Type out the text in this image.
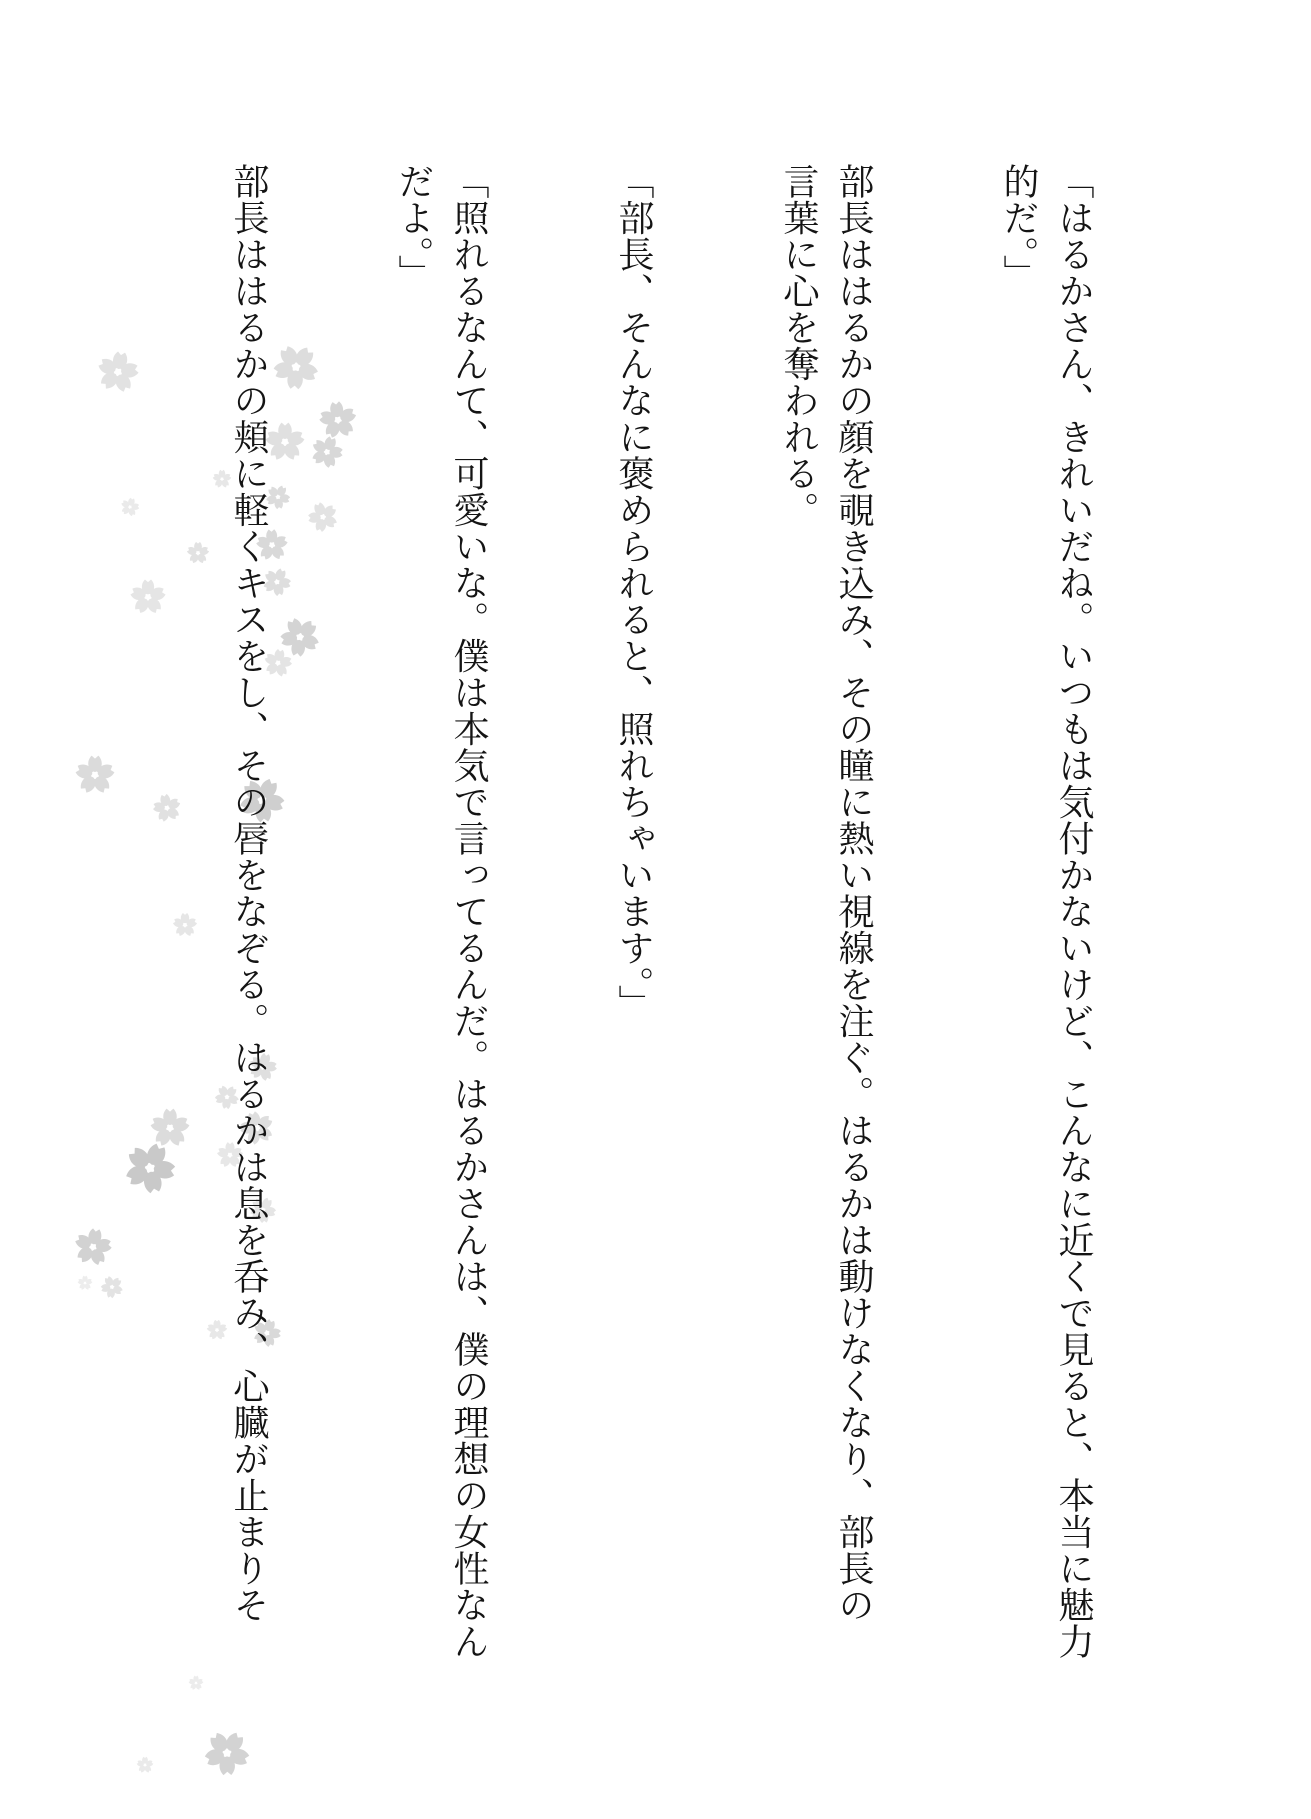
「はるかさん、きれいだね。いつもは気付かないけど、こんなに近くで見ると、本当に魅力
的だ。」
部長ははるかの顔を覗き込み、その瞳に熱い視線を注ぐ。はるかは動けなくなり、部長の
言葉に心を奪われる。
「部長、そんなに褒められると、照れちゃいます。」
「照れるなんて、可愛いな。僕は本気で言ってるんだ。はるかさんは、僕の理想の女性なん
だよ。」
部長ははるかの頬に軽くキスをし、その唇をなぞる。はるかは息を呑み、心臓が止まりそ
